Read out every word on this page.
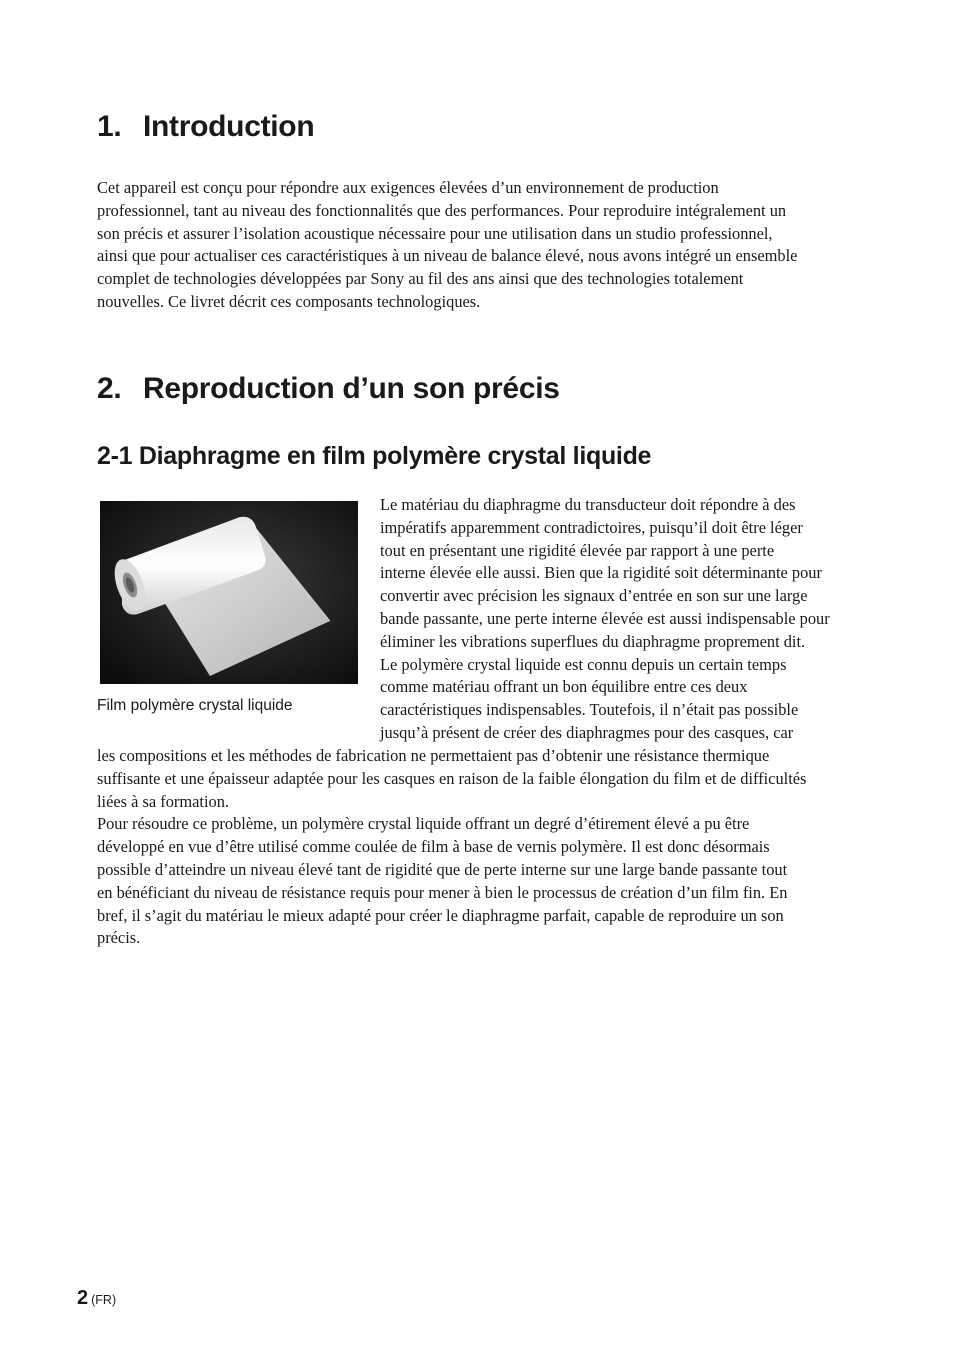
1. Introduction
Cet appareil est conçu pour répondre aux exigences élevées d’un environnement de production
professionnel, tant au niveau des fonctionnalités que des performances. Pour reproduire intégralement un
son précis et assurer l’isolation acoustique nécessaire pour une utilisation dans un studio professionnel,
ainsi que pour actualiser ces caractéristiques à un niveau de balance élevé, nous avons intégré un ensemble
complet de technologies développées par Sony au fil des ans ainsi que des technologies totalement
nouvelles. Ce livret décrit ces composants technologiques.
2. Reproduction d’un son précis
2-1 Diaphragme en film polymère crystal liquide
Film polymère crystal liquide
Le matériau du diaphragme du transducteur doit répondre à des
impératifs apparemment contradictoires, puisqu’il doit être léger
tout en présentant une rigidité élevée par rapport à une perte
interne élevée elle aussi. Bien que la rigidité soit déterminante pour
convertir avec précision les signaux d’entrée en son sur une large
bande passante, une perte interne élevée est aussi indispensable pour
éliminer les vibrations superflues du diaphragme proprement dit.
Le polymère crystal liquide est connu depuis un certain temps
comme matériau offrant un bon équilibre entre ces deux
caractéristiques indispensables. Toutefois, il n’était pas possible
jusqu’à présent de créer des diaphragmes pour des casques, car
les compositions et les méthodes de fabrication ne permettaient pas d’obtenir une résistance thermique
suffisante et une épaisseur adaptée pour les casques en raison de la faible élongation du film et de difficultés
liées à sa formation.
Pour résoudre ce problème, un polymère crystal liquide offrant un degré d’étirement élevé a pu être
développé en vue d’être utilisé comme coulée de film à base de vernis polymère. Il est donc désormais
possible d’atteindre un niveau élevé tant de rigidité que de perte interne sur une large bande passante tout
en bénéficiant du niveau de résistance requis pour mener à bien le processus de création d’un film fin. En
bref, il s’agit du matériau le mieux adapté pour créer le diaphragme parfait, capable de reproduire un son
précis.
2 (FR)
